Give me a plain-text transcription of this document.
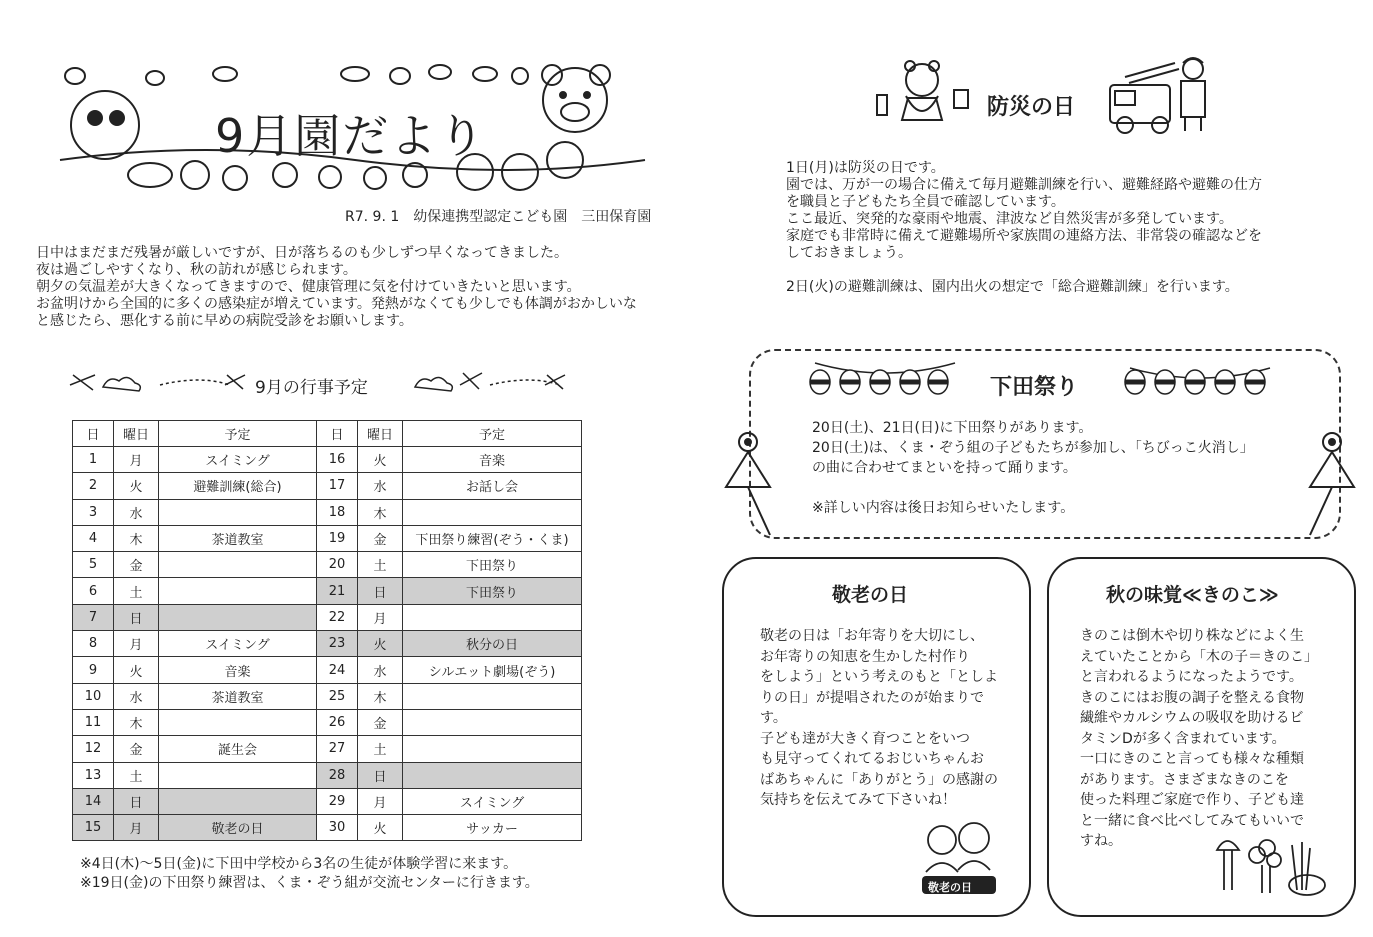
9月園だより
R7. 9. 1　幼保連携型認定こども園　三田保育園
日中はまだまだ残暑が厳しいですが、日が落ちるのも少しずつ早くなってきました。
夜は過ごしやすくなり、秋の訪れが感じられます。
朝夕の気温差が大きくなってきますので、健康管理に気を付けていきたいと思います。
お盆明けから全国的に多くの感染症が増えています。発熱がなくても少しでも体調がおかしいな
と感じたら、悪化する前に早めの病院受診をお願いします。
9月の行事予定
日	曜日	予定	日	曜日	予定
1	月	スイミング	16	火	音楽
2	火	避難訓練(総合)	17	水	お話し会
3	水		18	木	
4	木	茶道教室	19	金	下田祭り練習(ぞう・くま)
5	金		20	土	下田祭り
6	土		21	日	下田祭り
7	日		22	月	
8	月	スイミング	23	火	秋分の日
9	火	音楽	24	水	シルエット劇場(ぞう)
10	水	茶道教室	25	木	
11	木		26	金	
12	金	誕生会	27	土	
13	土		28	日	
14	日		29	月	スイミング
15	月	敬老の日	30	火	サッカー
※4日(木)～5日(金)に下田中学校から3名の生徒が体験学習に来ます。
※19日(金)の下田祭り練習は、くま・ぞう組が交流センターに行きます。
防災の日
1日(月)は防災の日です。
園では、万が一の場合に備えて毎月避難訓練を行い、避難経路や避難の仕方
を職員と子どもたち全員で確認しています。
ここ最近、突発的な豪雨や地震、津波など自然災害が多発しています。
家庭でも非常時に備えて避難場所や家族間の連絡方法、非常袋の確認などを
しておきましょう。
2日(火)の避難訓練は、園内出火の想定で「総合避難訓練」を行います。
下田祭り
20日(土)、21日(日)に下田祭りがあります。
20日(土)は、くま・ぞう組の子どもたちが参加し、「ちびっこ火消し」
の曲に合わせてまといを持って踊ります。
※詳しい内容は後日お知らせいたします。
敬老の日
敬老の日は「お年寄りを大切にし、
お年寄りの知恵を生かした村作り
をしよう」という考えのもと「としよ
りの日」が提唱されたのが始まりで
す。
子ども達が大きく育つことをいつ
も見守ってくれてるおじいちゃんお
ばあちゃんに「ありがとう」の感謝の
気持ちを伝えてみて下さいね！
敬老の日
秋の味覚≪きのこ≫
きのこは倒木や切り株などによく生
えていたことから「木の子＝きのこ」
と言われるようになったようです。
きのこにはお腹の調子を整える食物
繊維やカルシウムの吸収を助けるビ
タミンDが多く含まれています。
一口にきのこと言っても様々な種類
があります。さまざまなきのこを
使った料理ご家庭で作り、子ども達
と一緒に食べ比べしてみてもいいで
すね。
